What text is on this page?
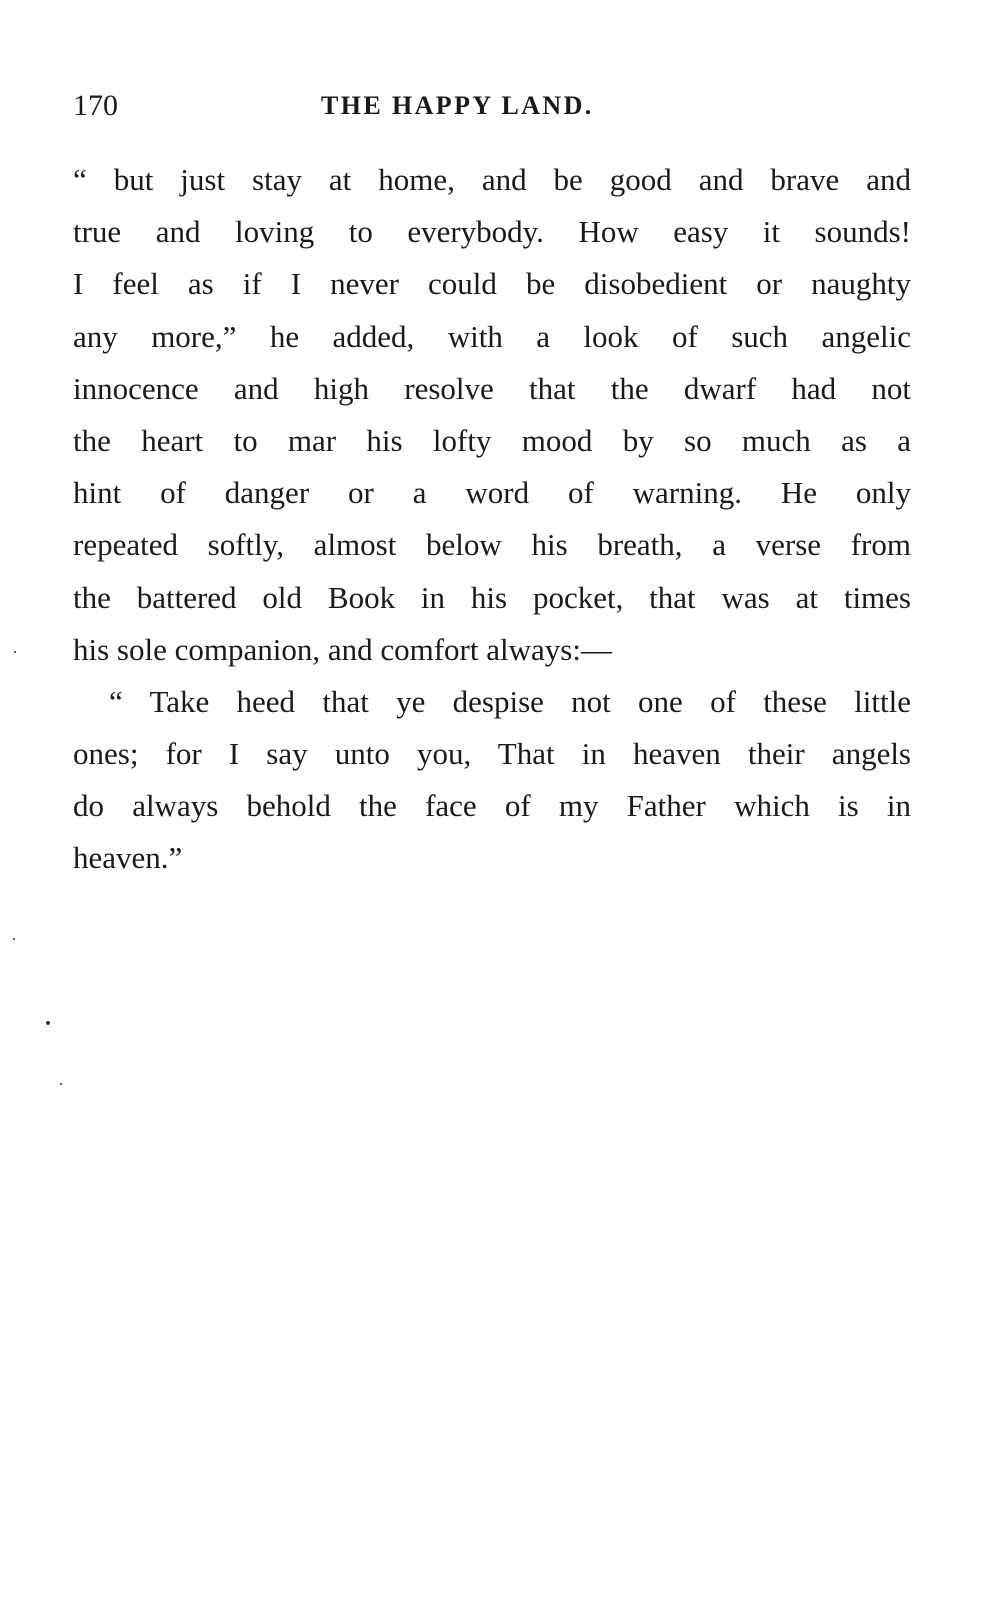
170	THE HAPPY LAND.
“ but just stay at home, and be good and brave and
true and loving to everybody. How easy it sounds!
I feel as if I never could be disobedient or naughty
any more,” he added, with a look of such angelic
innocence and high resolve that the dwarf had not
the heart to mar his lofty mood by so much as a
hint of danger or a word of warning. He only
repeated softly, almost below his breath, a verse from
the battered old Book in his pocket, that was at times
his sole companion, and comfort always:—
“ Take heed that ye despise not one of these little
ones; for I say unto you, That in heaven their angels
do always behold the face of my Father which is in
heaven.”
